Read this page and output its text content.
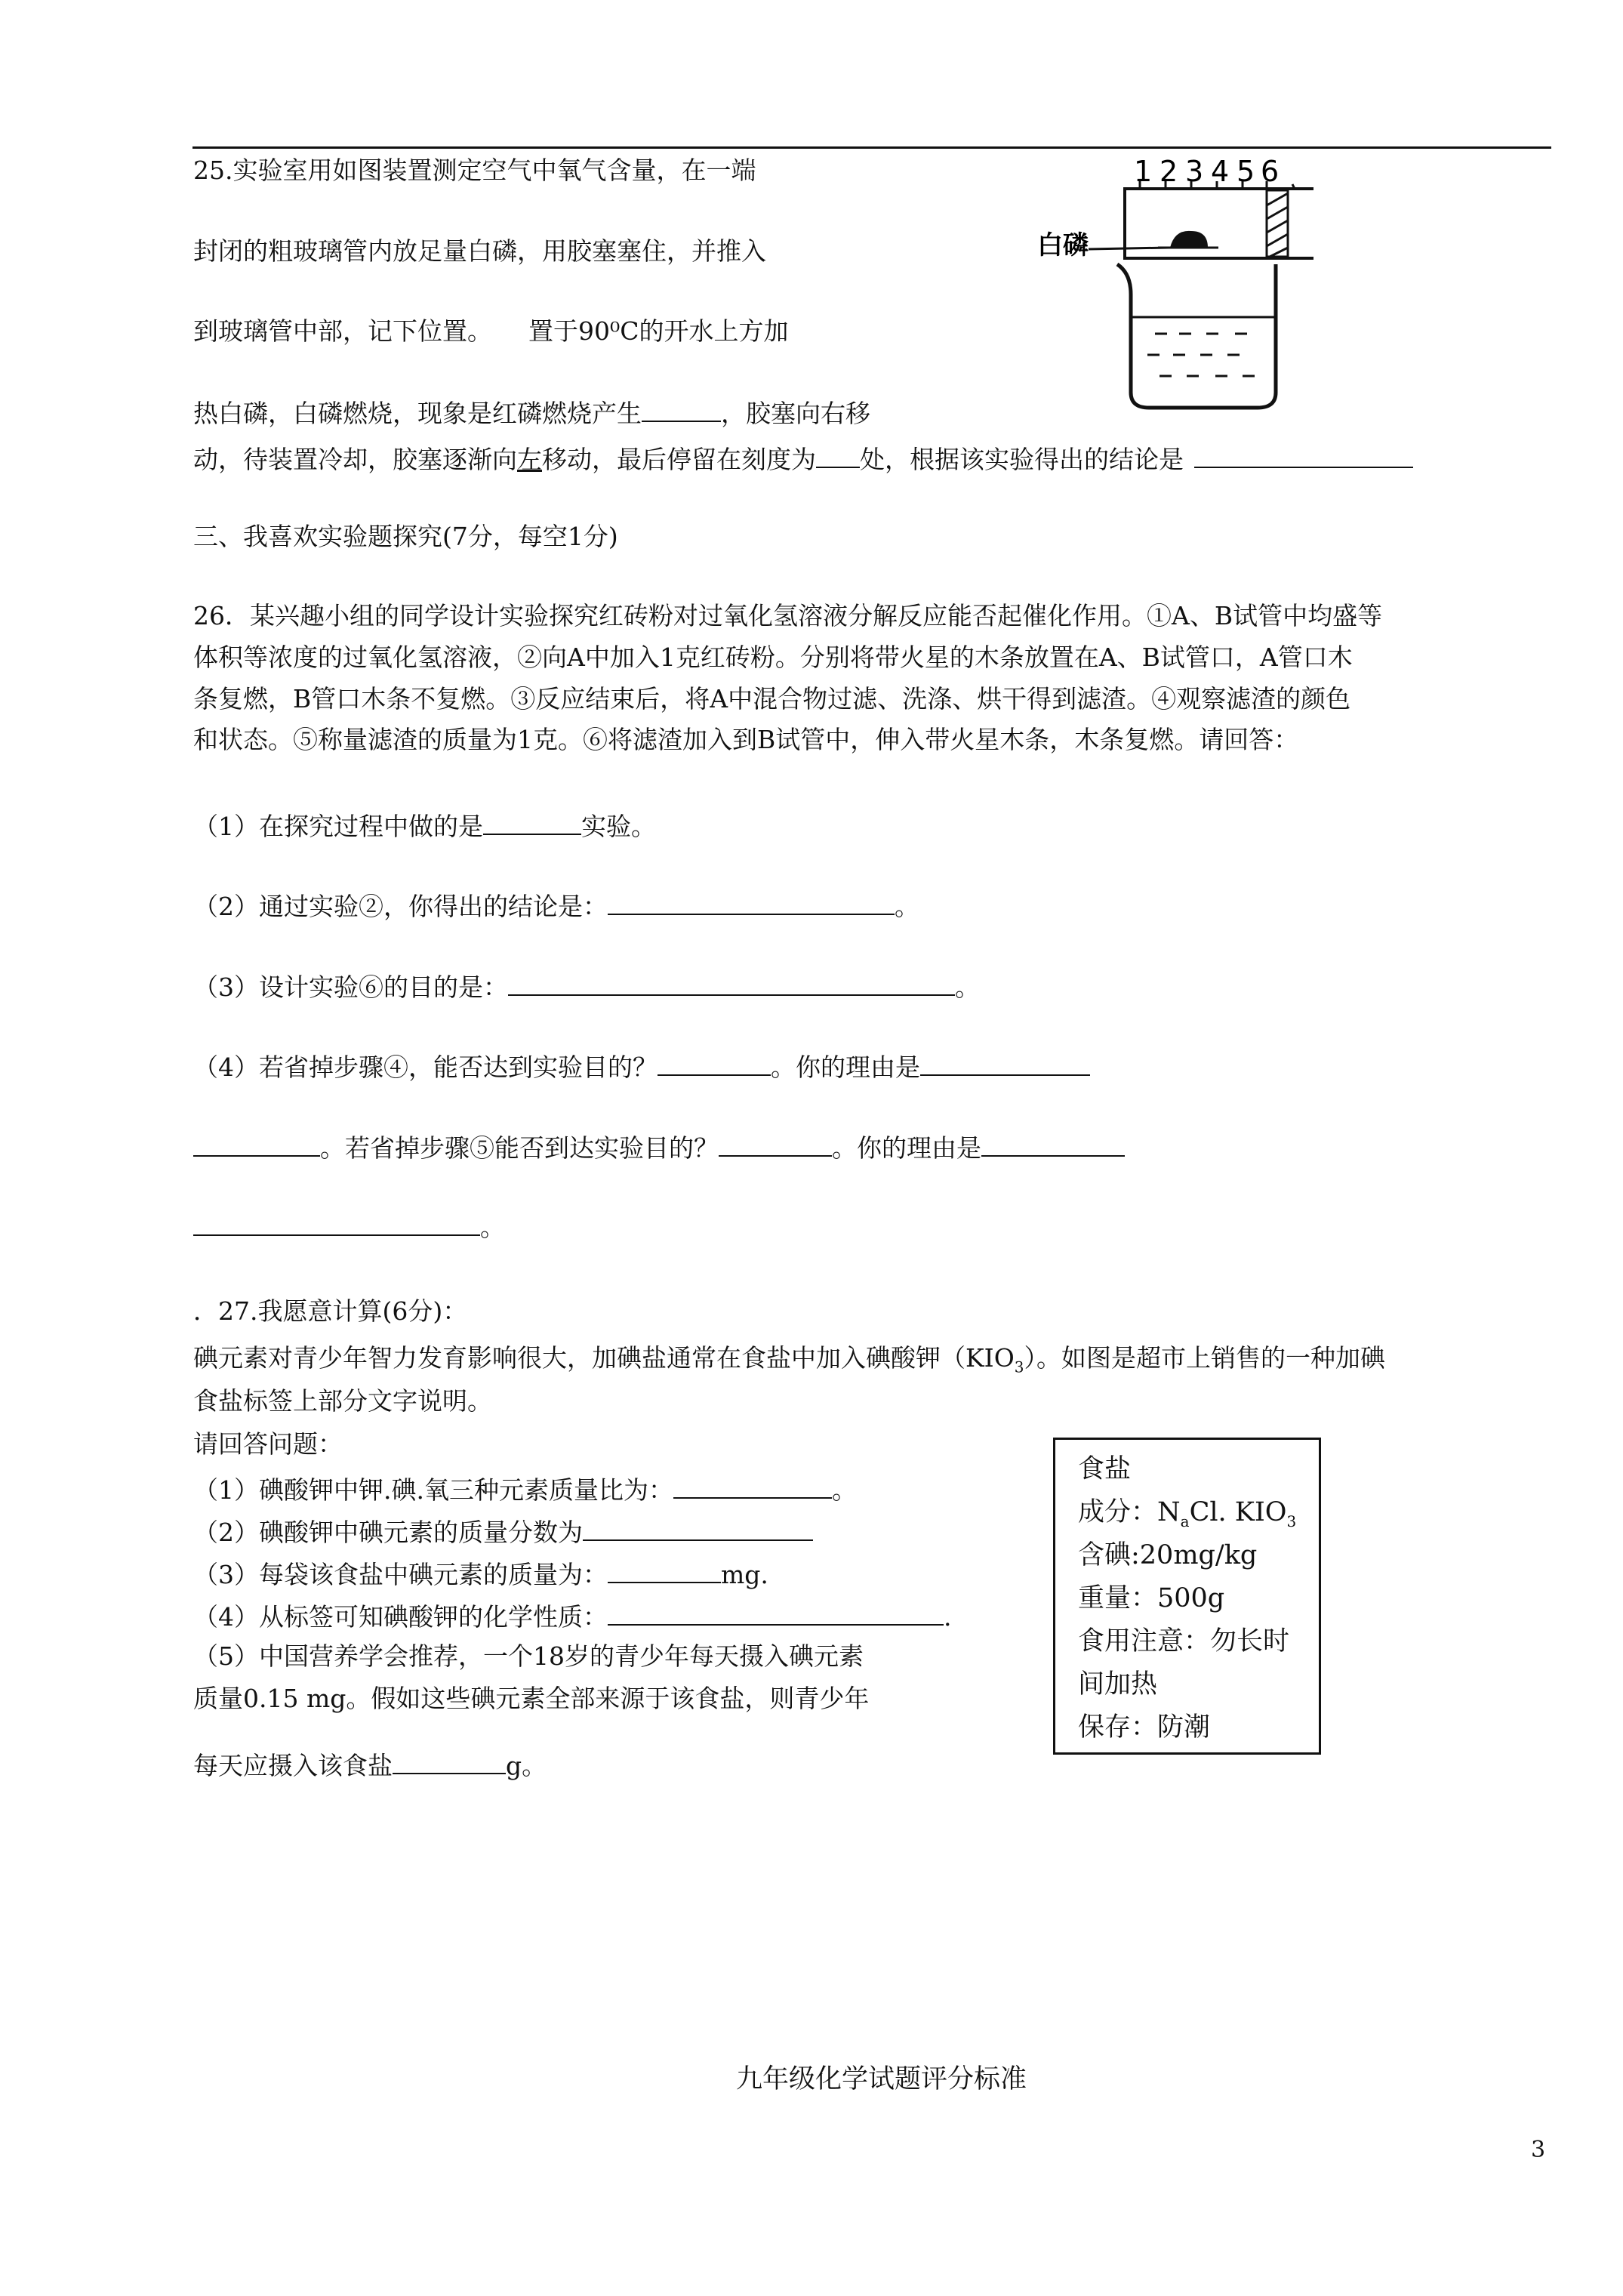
25.实验室用如图装置测定空气中氧气含量，在一端
封闭的粗玻璃管内放足量白磷，用胶塞塞住，并推入
到玻璃管中部，记下位置。 置于90⁰C的开水上方加
热白磷，白磷燃烧，现象是红磷燃烧产生	，胶塞向右移
动，待装置冷却，胶塞逐渐向左移动，最后停留在刻度为 处，根据该实验得出的结论是
1 2 3 4 5 6
白磷
三、我喜欢实验题探究(7分，每空1分)
26．某兴趣小组的同学设计实验探究红砖粉对过氧化氢溶液分解反应能否起催化作用。①A、B试管中均盛等
体积等浓度的过氧化氢溶液，②向A中加入1克红砖粉。分别将带火星的木条放置在A、B试管口，A管口木
条复燃，B管口木条不复燃。③反应结束后，将A中混合物过滤、洗涤、烘干得到滤渣。④观察滤渣的颜色
和状态。⑤称量滤渣的质量为1克。⑥将滤渣加入到B试管中，伸入带火星木条，木条复燃。请回答：
（1）在探究过程中做的是	实验。
（2）通过实验②，你得出的结论是：	。
（3）设计实验⑥的目的是：	。
（4）若省掉步骤④，能否达到实验目的？	。你的理由是
。若省掉步骤⑤能否到达实验目的？	。你的理由是
。
．27.我愿意计算(6分)：
碘元素对青少年智力发育影响很大，加碘盐通常在食盐中加入碘酸钾$(KIO_3)$。如图是超市上销售的一种加碘
食盐标签上部分文字说明。
请回答问题：
（1）碘酸钾中钾.碘.氧三种元素质量比为：	。
（2）碘酸钾中碘元素的质量分数为
（3）每袋该食盐中碘元素的质量为：	mg.
（4）从标签可知碘酸钾的化学性质：	.
（5）中国营养学会推荐，一个18岁的青少年每天摄入碘元素
质量0.15 mg。假如这些碘元素全部来源于该食盐，则青少年
每天应摄入该食盐	g。
食盐
成分：$N_aCl$. $KIO_3$
含碘:20mg/kg
重量：500g
食用注意：勿长时
间加热
保存：防潮
九年级化学试题评分标准
3
